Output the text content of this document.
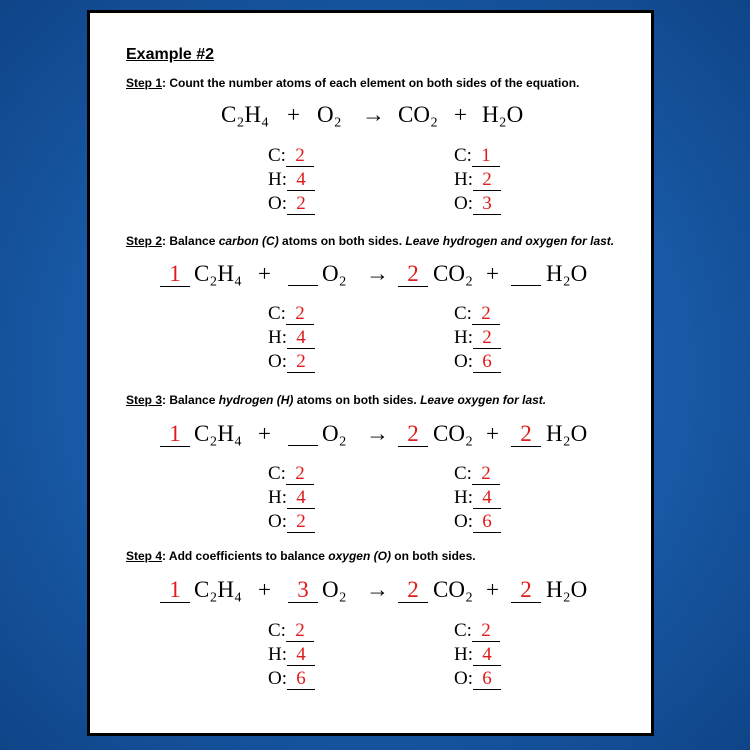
Example #2
Step 1: Count the number atoms of each element on both sides of the equation.
C₂H₄ + O₂ → CO₂ + H₂O
C: 2
H: 4
O: 2
C: 1
H: 2
O: 3
Step 2: Balance carbon (C) atoms on both sides. Leave hydrogen and oxygen for last.
1 C₂H₄ + O₂ → 2 CO₂ + H₂O
C: 2
H: 4
O: 2
C: 2
H: 2
O: 6
Step 3: Balance hydrogen (H) atoms on both sides. Leave oxygen for last.
1 C₂H₄ + O₂ → 2 CO₂ + 2 H₂O
C: 2
H: 4
O: 2
C: 2
H: 4
O: 6
Step 4: Add coefficients to balance oxygen (O) on both sides.
1 C₂H₄ +	3 O₂ → 2 CO₂ + 2 H₂O
C: 2
H: 4
O: 6
C: 2
H: 4
O: 6
